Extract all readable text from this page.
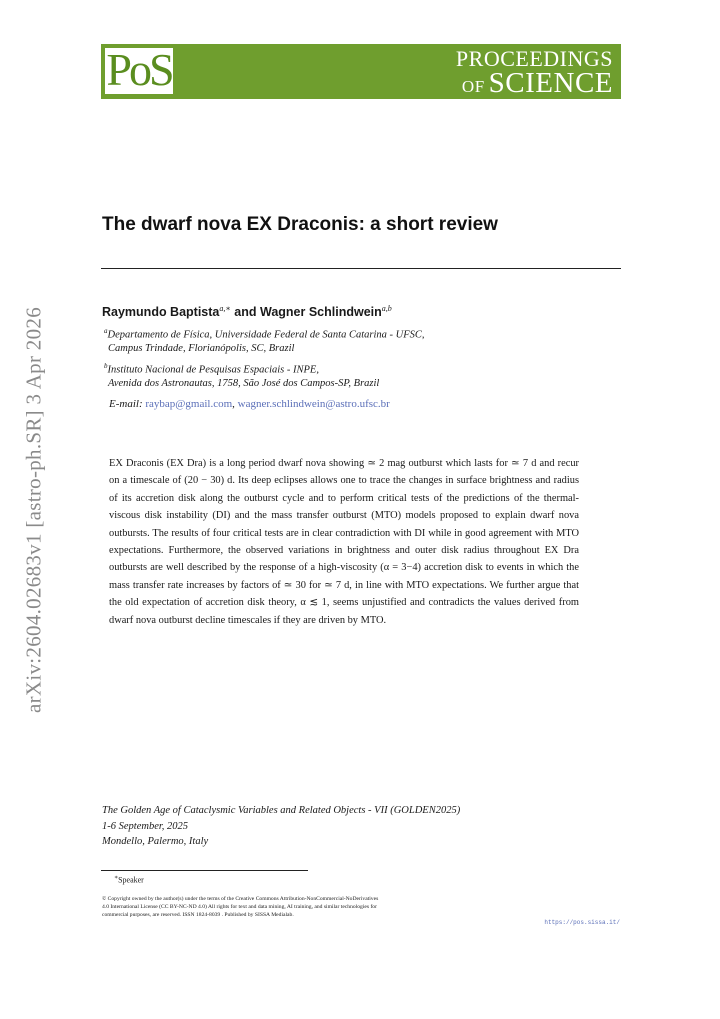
PoS	PROCEEDINGS
OF SCIENCE
arXiv:2604.02683v1 [astro-ph.SR] 3 Apr 2026
The dwarf nova EX Draconis: a short review
Raymundo Baptista$^{a,∗}$ and Wagner Schlindwein$^{a,b}$
$^a$Departamento de Física, Universidade Federal de Santa Catarina - UFSC,
Campus Trindade, Florianópolis, SC, Brazil
$^b$Instituto Nacional de Pesquisas Espaciais - INPE,
Avenida dos Astronautas, 1758, São José dos Campos-SP, Brazil
E-mail: raybap@gmail.com, wagner.schlindwein@astro.ufsc.br

EX Draconis (EX Dra) is a long period dwarf nova showing ≃ 2 mag outburst which lasts for ≃ 7 d and recur on a timescale of (20 − 30) d. Its deep eclipses allows one to trace the changes in surface brightness and radius of its accretion disk along the outburst cycle and to perform critical tests of the predictions of the thermal-viscous disk instability (DI) and the mass transfer outburst (MTO) models proposed to explain dwarf nova outbursts. The results of four critical tests are in clear contradiction with DI while in good agreement with MTO expectations. Furthermore, the observed variations in brightness and outer disk radius throughout EX Dra outbursts are well described by the response of a high-viscosity (α = 3−4) accretion disk to events in which the mass transfer rate increases by factors of ≃ 30 for ≃ 7 d, in line with MTO expectations. We further argue that the old expectation of accretion disk theory, α ≲ 1, seems unjustified and contradicts the values derived from dwarf nova outburst decline timescales if they are driven by MTO.

The Golden Age of Cataclysmic Variables and Related Objects - VII (GOLDEN2025)
1-6 September, 2025
Mondello, Palermo, Italy
∗Speaker
© Copyright owned by the author(s) under the terms of the Creative Commons Attribution-NonCommercial-NoDerivatives
4.0 International License (CC BY-NC-ND 4.0) All rights for text and data mining, AI training, and similar technologies for
commercial purposes, are reserved. ISSN 1824-8039 . Published by SISSA Medialab.
https://pos.sissa.it/
